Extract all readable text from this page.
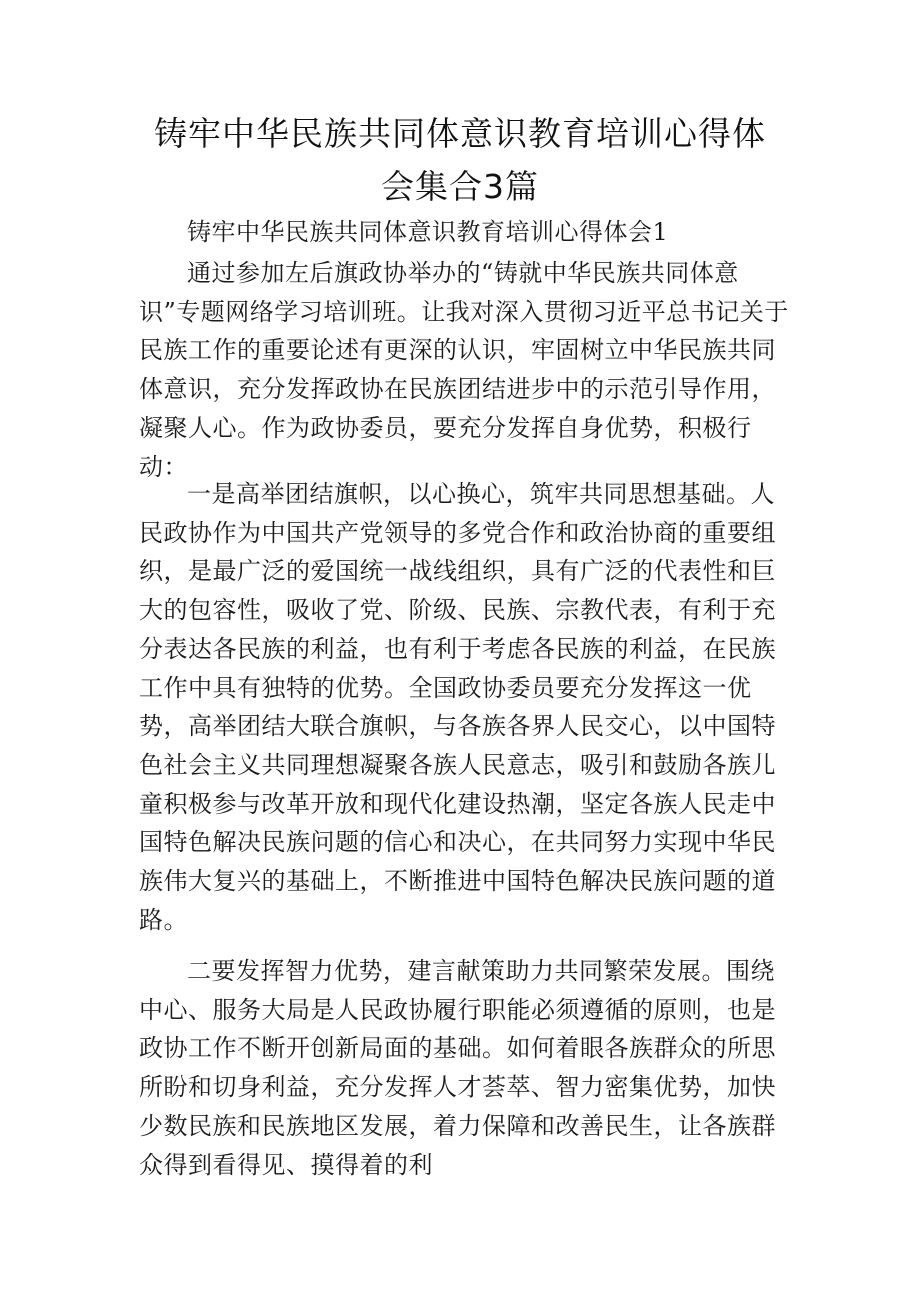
铸牢中华民族共同体意识教育培训心得体
会集合3篇

铸牢中华民族共同体意识教育培训心得体会1

通过参加左后旗政协举办的“铸就中华民族共同体意识”专题网络学习培训班。让我对深入贯彻习近平总书记关于民族工作的重要论述有更深的认识，牢固树立中华民族共同体意识，充分发挥政协在民族团结进步中的示范引导作用，凝聚人心。作为政协委员，要充分发挥自身优势，积极行动：

一是高举团结旗帜，以心换心，筑牢共同思想基础。人民政协作为中国共产党领导的多党合作和政治协商的重要组织，是最广泛的爱国统一战线组织，具有广泛的代表性和巨大的包容性，吸收了党、阶级、民族、宗教代表，有利于充分表达各民族的利益，也有利于考虑各民族的利益，在民族工作中具有独特的优势。全国政协委员要充分发挥这一优势，高举团结大联合旗帜，与各族各界人民交心，以中国特色社会主义共同理想凝聚各族人民意志，吸引和鼓励各族儿童积极参与改革开放和现代化建设热潮，坚定各族人民走中国特色解决民族问题的信心和决心，在共同努力实现中华民族伟大复兴的基础上，不断推进中国特色解决民族问题的道路。

二要发挥智力优势，建言献策助力共同繁荣发展。围绕中心、服务大局是人民政协履行职能必须遵循的原则，也是政协工作不断开创新局面的基础。如何着眼各族群众的所思所盼和切身利益，充分发挥人才荟萃、智力密集优势，加快少数民族和民族地区发展，着力保障和改善民生，让各族群众得到看得见、摸得着的利
